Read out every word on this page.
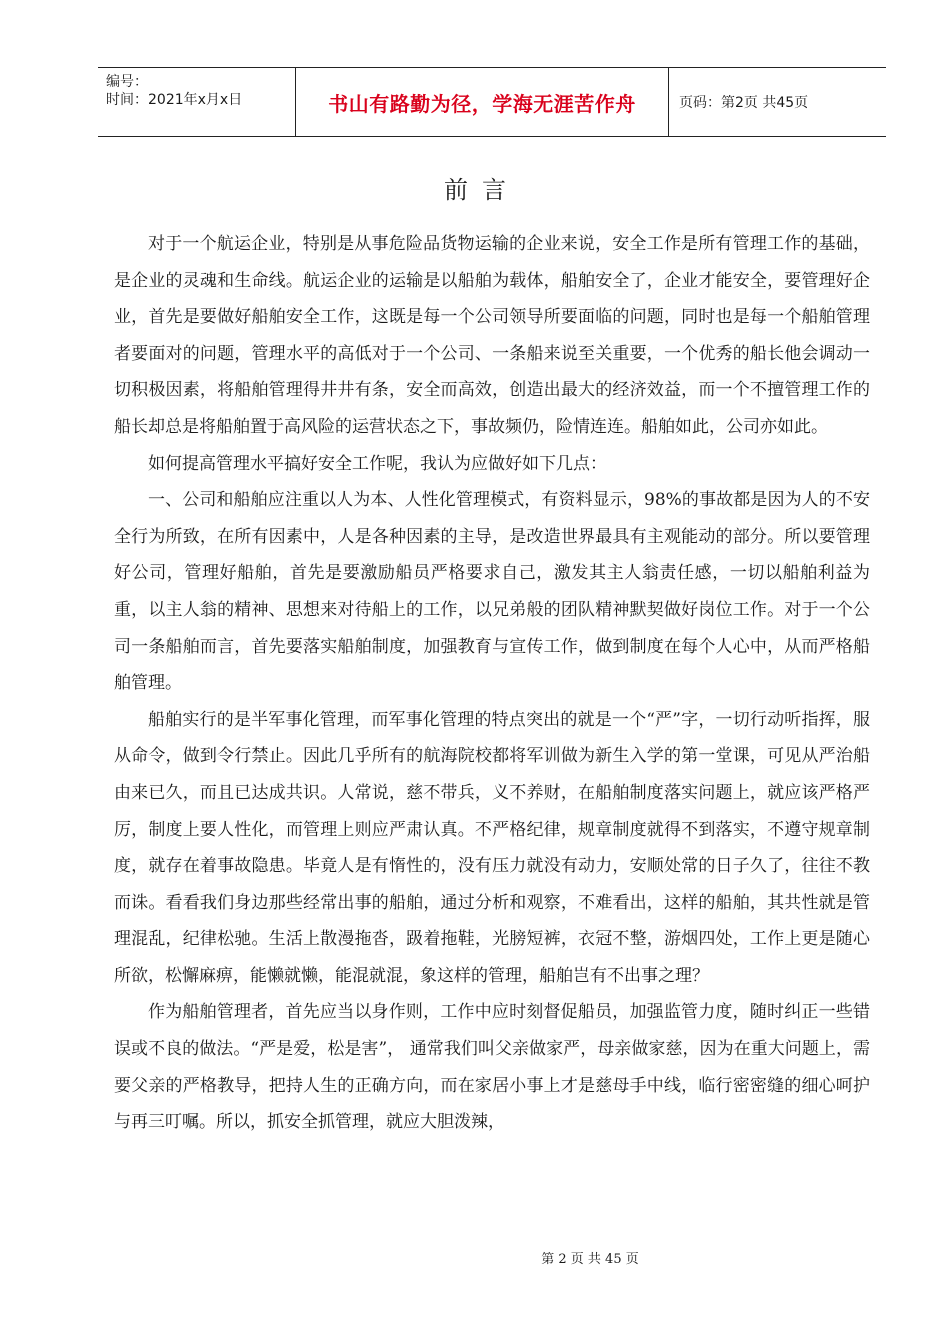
编号：
时间：2021年x月x日	书山有路勤为径，学海无涯苦作舟	页码：第2页 共45页
前言

对于一个航运企业，特别是从事危险品货物运输的企业来说，安全工作是所有管理工作的基础，是企业的灵魂和生命线。航运企业的运输是以船舶为载体，船舶安全了，企业才能安全，要管理好企业，首先是要做好船舶安全工作，这既是每一个公司领导所要面临的问题，同时也是每一个船舶管理者要面对的问题，管理水平的高低对于一个公司、一条船来说至关重要，一个优秀的船长他会调动一切积极因素，将船舶管理得井井有条，安全而高效，创造出最大的经济效益，而一个不擅管理工作的船长却总是将船舶置于高风险的运营状态之下，事故频仍，险情连连。船舶如此，公司亦如此。

如何提高管理水平搞好安全工作呢，我认为应做好如下几点：

一、公司和船舶应注重以人为本、人性化管理模式，有资料显示，98%的事故都是因为人的不安全行为所致，在所有因素中，人是各种因素的主导，是改造世界最具有主观能动的部分。所以要管理好公司，管理好船舶，首先是要激励船员严格要求自己，激发其主人翁责任感，一切以船舶利益为重，以主人翁的精神、思想来对待船上的工作，以兄弟般的团队精神默契做好岗位工作。对于一个公司一条船舶而言，首先要落实船舶制度，加强教育与宣传工作，做到制度在每个人心中，从而严格船舶管理。

船舶实行的是半军事化管理，而军事化管理的特点突出的就是一个“严”字，一切行动听指挥，服从命令，做到令行禁止。因此几乎所有的航海院校都将军训做为新生入学的第一堂课，可见从严治船由来已久，而且已达成共识。人常说，慈不带兵，义不养财，在船舶制度落实问题上，就应该严格严厉，制度上要人性化，而管理上则应严肃认真。不严格纪律，规章制度就得不到落实，不遵守规章制度，就存在着事故隐患。毕竟人是有惰性的，没有压力就没有动力，安顺处常的日子久了，往往不教而诛。看看我们身边那些经常出事的船舶，通过分析和观察，不难看出，这样的船舶，其共性就是管理混乱，纪律松驰。生活上散漫拖沓，趿着拖鞋，光膀短裤，衣冠不整，游烟四处，工作上更是随心所欲，松懈麻痹，能懒就懒，能混就混，象这样的管理，船舶岂有不出事之理？

作为船舶管理者，首先应当以身作则，工作中应时刻督促船员，加强监管力度，随时纠正一些错误或不良的做法。“严是爱，松是害”， 通常我们叫父亲做家严，母亲做家慈，因为在重大问题上，需要父亲的严格教导，把持人生的正确方向，而在家居小事上才是慈母手中线，临行密密缝的细心呵护与再三叮嘱。所以，抓安全抓管理，就应大胆泼辣，

第 2 页 共 45 页
